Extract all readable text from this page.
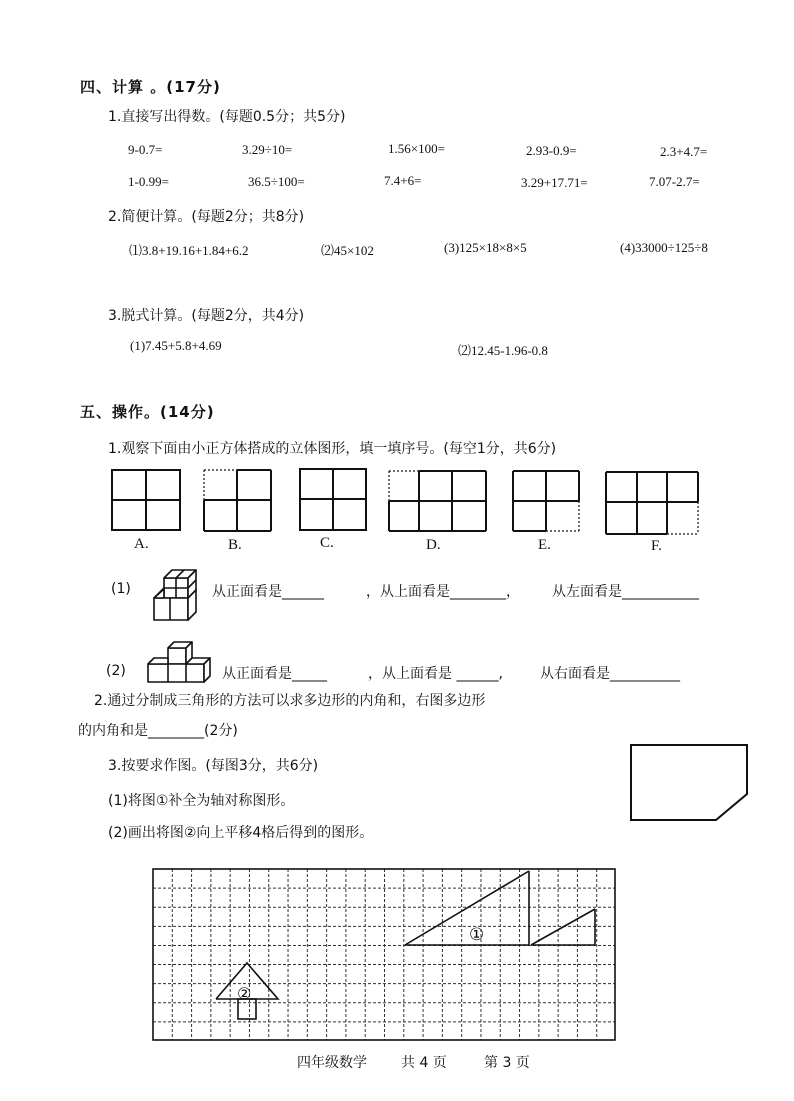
四、计算 。(17分)
1.直接写出得数。(每题0.5分；共5分)
9-0.7=	3.29÷10=	1.56×100=	2.93-0.9=	2.3+4.7=
1-0.99=	36.5÷100=	7.4+6=	3.29+17.71=	7.07-2.7=
2.简便计算。(每题2分；共8分)
⑴3.8+19.16+1.84+6.2	⑵45×102	(3)125×18×8×5	(4)33000÷125÷8
3.脱式计算。(每题2分，共4分)
(1)7.45+5.8+4.69	⑵12.45-1.96-0.8
五、操作。(14分)
1.观察下面由小正方体搭成的立体图形，填一填序号。(每空1分，共6分)
A.	B.	C.	D.	E.	F.
(1)	从正面看是______	，从上面看是________， 从左面看是___________
(2)	从正面看是_____	，从上面看是 ______,	从右面看是__________
2.通过分制成三角形的方法可以求多边形的内角和，右图多边形
的内角和是________(2分)
3.按要求作图。(每图3分，共6分)
(1)将图①补全为轴对称图形。
(2)画出将图②向上平移4格后得到的图形。
①
②
四年级数学 共 4 页	第 3 页
